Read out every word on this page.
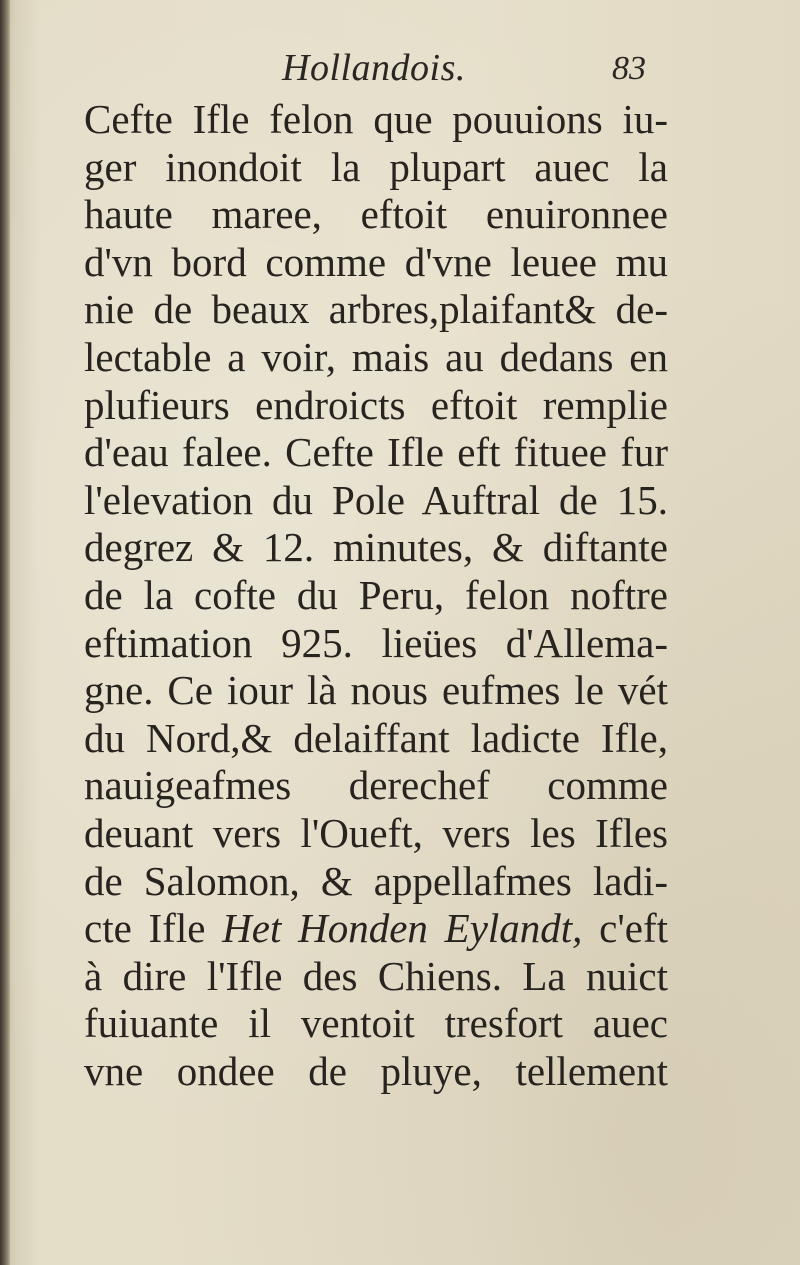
Hollandois.	83
Cefte Ifle felon que pouuions iu-
ger inondoit la plupart auec la
haute maree, eftoit enuironnee
d'vn bord comme d'vne leuee mu
nie de beaux arbres,plaifant& de-
lectable a voir, mais au dedans en
plufieurs endroicts eftoit remplie
d'eau falee. Cefte Ifle eft fituee fur
l'elevation du Pole Auftral de 15.
degrez & 12. minutes, & diftante
de la cofte du Peru, felon noftre
eftimation 925. lieües d'Allema-
gne. Ce iour là nous eufmes le vét
du Nord,& delaiffant ladicte Ifle,
nauigeafmes derechef comme
deuant vers l'Oueft, vers les Ifles
de Salomon, & appellafmes ladi-
cte Ifle Het Honden Eylandt, c'eft
à dire l'Ifle des Chiens. La nuict
fuiuante il ventoit tresfort auec
vne ondee de pluye, tellement
